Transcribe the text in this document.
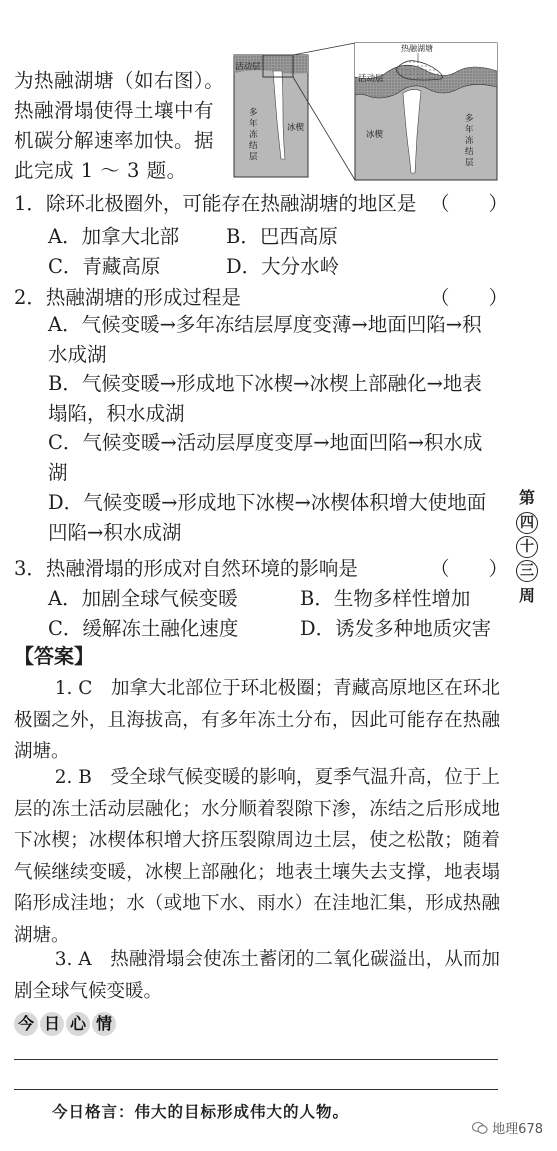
为热融湖塘（如右图）。
热融滑塌使得土壤中有
机碳分解速率加快。据
此完成 1 ～ 3 题。
活动层
冰楔
多
年
冻
结
层
热融湖塘
活动层
冰楔
多
年
冻
结
层
1．除环北极圈外，可能存在热融湖塘的地区是 （　　）
A．加拿大北部 B．巴西高原
C．青藏高原	D．大分水岭
2．热融湖塘的形成过程是	（　　）
A．气候变暖→多年冻结层厚度变薄→地面凹陷→积水成湖
B．气候变暖→形成地下冰楔→冰楔上部融化→地表塌陷，积水成湖
C．气候变暖→活动层厚度变厚→地面凹陷→积水成湖
D．气候变暖→形成地下冰楔→冰楔体积增大使地面凹陷→积水成湖
3．热融滑塌的形成对自然环境的影响是	（　　）
A．加剧全球气候变暖	B．生物多样性增加
C．缓解冻土融化速度	D．诱发多种地质灾害
第
四
十
三
周
【答案】
1. C　加拿大北部位于环北极圈；青藏高原地区在环北极圈之外，且海拔高，有多年冻土分布，因此可能存在热融湖塘。
2. B　受全球气候变暖的影响，夏季气温升高，位于上层的冻土活动层融化；水分顺着裂隙下渗，冻结之后形成地下冰楔；冰楔体积增大挤压裂隙周边土层，使之松散；随着气候继续变暖，冰楔上部融化；地表土壤失去支撑，地表塌陷形成洼地；水（或地下水、雨水）在洼地汇集，形成热融湖塘。
3. A　热融滑塌会使冻土蓄闭的二氧化碳溢出，从而加剧全球气候变暖。
今 日 心 情
今日格言：伟大的目标形成伟大的人物。
地理678
